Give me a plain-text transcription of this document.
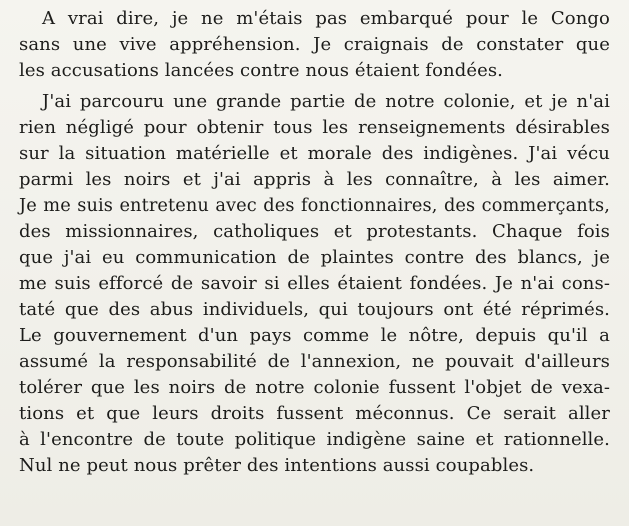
A vrai dire, je ne m'étais pas embarqué pour le Congo
sans une vive appréhension. Je craignais de constater que
les accusations lancées contre nous étaient fondées.
J'ai parcouru une grande partie de notre colonie, et je n'ai
rien négligé pour obtenir tous les renseignements désirables
sur la situation matérielle et morale des indigènes. J'ai vécu
parmi les noirs et j'ai appris à les connaître, à les aimer.
Je me suis entretenu avec des fonctionnaires, des commerçants,
des missionnaires, catholiques et protestants. Chaque fois
que j'ai eu communication de plaintes contre des blancs, je
me suis efforcé de savoir si elles étaient fondées. Je n'ai cons-
taté que des abus individuels, qui toujours ont été réprimés.
Le gouvernement d'un pays comme le nôtre, depuis qu'il a
assumé la responsabilité de l'annexion, ne pouvait d'ailleurs
tolérer que les noirs de notre colonie fussent l'objet de vexa-
tions et que leurs droits fussent méconnus. Ce serait aller
à l'encontre de toute politique indigène saine et rationnelle.
Nul ne peut nous prêter des intentions aussi coupables.
